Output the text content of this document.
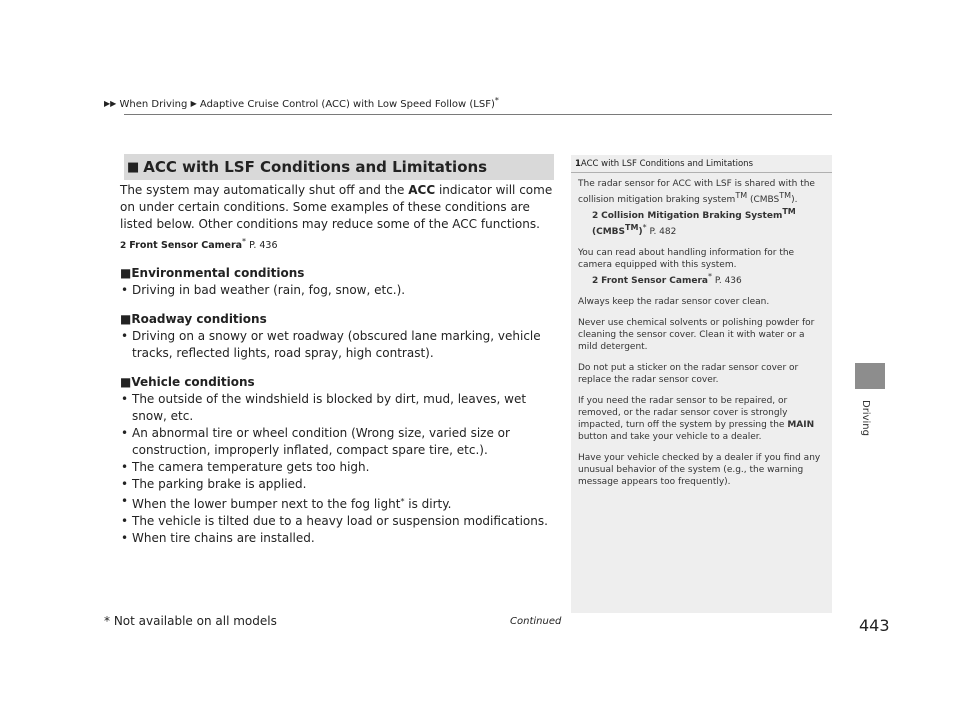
▶▶ When Driving ▶ Adaptive Cruise Control (ACC) with Low Speed Follow (LSF)*
■ ACC with LSF Conditions and Limitations

The system may automatically shut off and the ACC indicator will come on under certain conditions. Some examples of these conditions are listed below. Other conditions may reduce some of the ACC functions.

2 Front Sensor Camera* P. 436

■Environmental conditions
• Driving in bad weather (rain, fog, snow, etc.).
■Roadway conditions
• Driving on a snowy or wet roadway (obscured lane marking, vehicle tracks, reflected lights, road spray, high contrast).
■Vehicle conditions
• The outside of the windshield is blocked by dirt, mud, leaves, wet snow, etc.
• An abnormal tire or wheel condition (Wrong size, varied size or construction, improperly inflated, compact spare tire, etc.).
• The camera temperature gets too high.
• The parking brake is applied.
• When the lower bumper next to the fog light* is dirty.
• The vehicle is tilted due to a heavy load or suspension modifications.
• When tire chains are installed.
1ACC with LSF Conditions and Limitations

The radar sensor for ACC with LSF is shared with the collision mitigation braking systemTM (CMBSTM).
2 Collision Mitigation Braking SystemTM
(CMBSTM)* P. 482

You can read about handling information for the camera equipped with this system.
2 Front Sensor Camera* P. 436

Always keep the radar sensor cover clean.

Never use chemical solvents or polishing powder for cleaning the sensor cover. Clean it with water or a mild detergent.

Do not put a sticker on the radar sensor cover or replace the radar sensor cover.

If you need the radar sensor to be repaired, or removed, or the radar sensor cover is strongly impacted, turn off the system by pressing the MAIN button and take your vehicle to a dealer.

Have your vehicle checked by a dealer if you find any unusual behavior of the system (e.g., the warning message appears too frequently).

Driving
* Not available on all models	Continued	443
